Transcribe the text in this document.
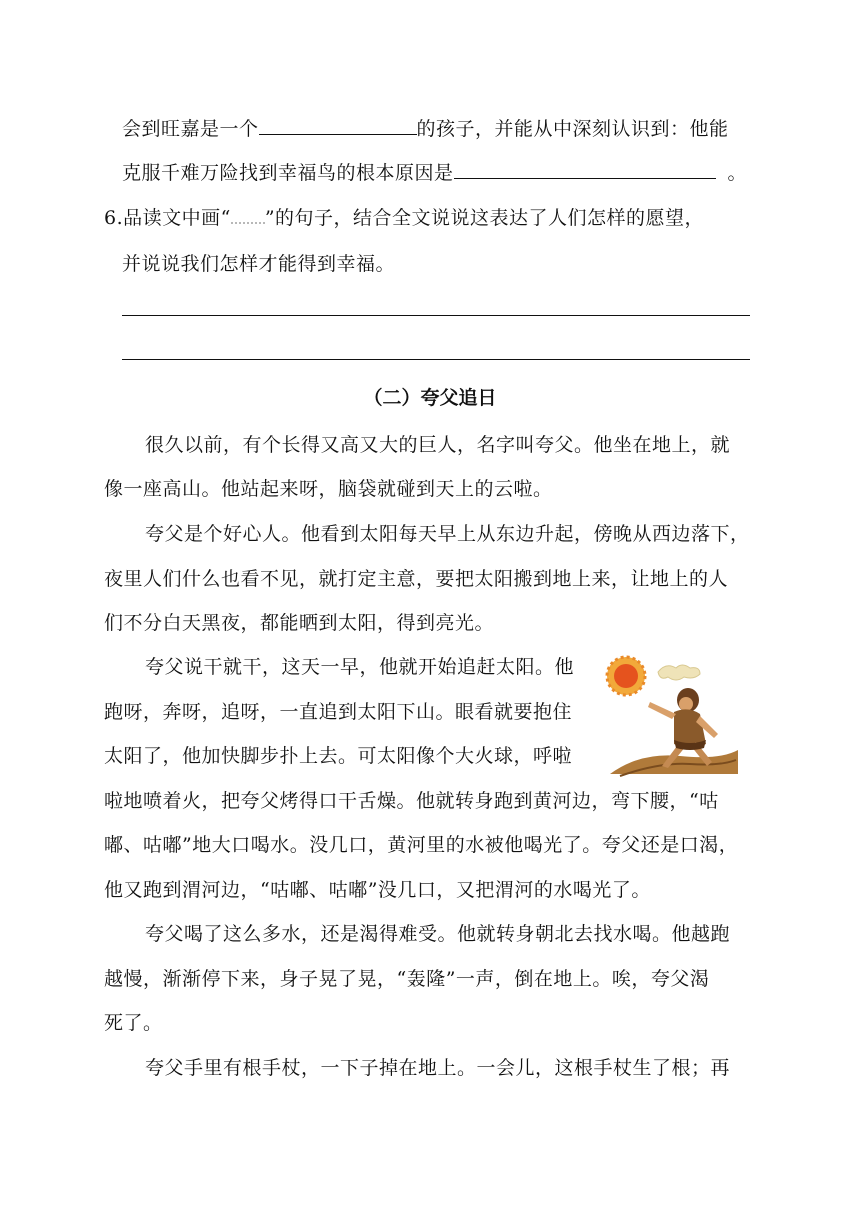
会到旺嘉是一个	的孩子，并能从中深刻认识到：他能
克服千难万险找到幸福鸟的根本原因是	。
6.品读文中画“ ”的句子，结合全文说说这表达了人们怎样的愿望，
并说说我们怎样才能得到幸福。
（二）夸父追日
很久以前，有个长得又高又大的巨人，名字叫夸父。他坐在地上，就
像一座高山。他站起来呀，脑袋就碰到天上的云啦。
夸父是个好心人。他看到太阳每天早上从东边升起，傍晚从西边落下，
夜里人们什么也看不见，就打定主意，要把太阳搬到地上来，让地上的人
们不分白天黑夜，都能晒到太阳，得到亮光。
夸父说干就干，这天一早，他就开始追赶太阳。他
跑呀，奔呀，追呀，一直追到太阳下山。眼看就要抱住
太阳了，他加快脚步扑上去。可太阳像个大火球，呼啦
啦地喷着火，把夸父烤得口干舌燥。他就转身跑到黄河边，弯下腰，“咕
嘟、咕嘟”地大口喝水。没几口，黄河里的水被他喝光了。夸父还是口渴，
他又跑到渭河边，“咕嘟、咕嘟”没几口，又把渭河的水喝光了。
夸父喝了这么多水，还是渴得难受。他就转身朝北去找水喝。他越跑
越慢，渐渐停下来，身子晃了晃，“轰隆”一声，倒在地上。唉，夸父渴
死了。
夸父手里有根手杖，一下子掉在地上。一会儿，这根手杖生了根；再
